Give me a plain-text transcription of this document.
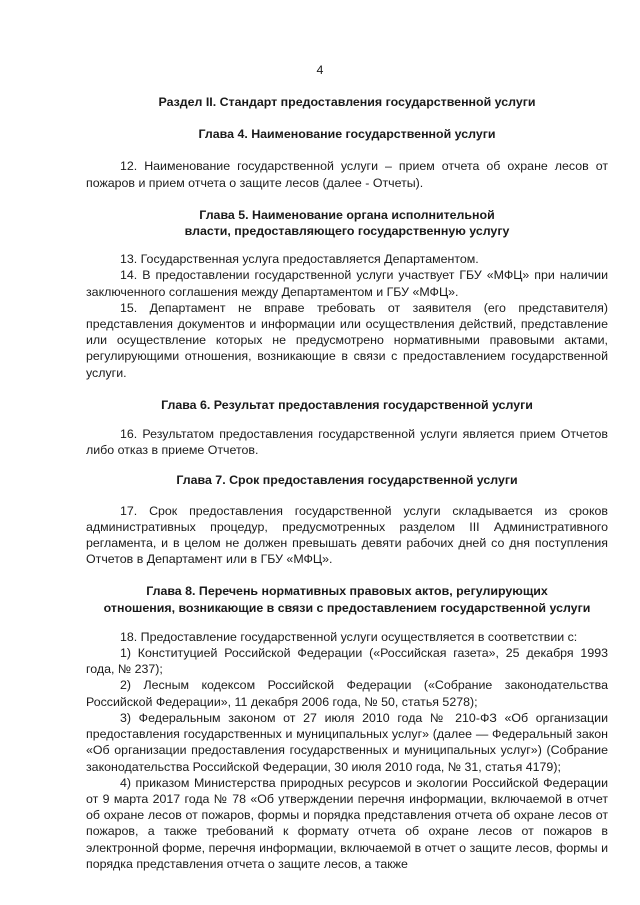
4

Раздел II. Стандарт предоставления государственной услуги

Глава 4. Наименование государственной услуги

12. Наименование государственной услуги – прием отчета об охране лесов от пожаров и прием отчета о защите лесов (далее - Отчеты).

Глава 5. Наименование органа исполнительной

власти, предоставляющего государственную услугу

13. Государственная услуга предоставляется Департаментом.

14. В предоставлении государственной услуги участвует ГБУ «МФЦ» при наличии заключенного соглашения между Департаментом и ГБУ «МФЦ».

15. Департамент не вправе требовать от заявителя (его представителя) представления документов и информации или осуществления действий, представление или осуществление которых не предусмотрено нормативными правовыми актами, регулирующими отношения, возникающие в связи с предоставлением государственной услуги.

Глава 6. Результат предоставления государственной услуги

16. Результатом предоставления государственной услуги является прием Отчетов либо отказ в приеме Отчетов.

Глава 7. Срок предоставления государственной услуги

17. Срок предоставления государственной услуги складывается из сроков административных процедур, предусмотренных разделом III Административного регламента, и в целом не должен превышать девяти рабочих дней со дня поступления Отчетов в Департамент или в ГБУ «МФЦ».

Глава 8. Перечень нормативных правовых актов, регулирующих

отношения, возникающие в связи с предоставлением государственной услуги

18. Предоставление государственной услуги осуществляется в соответствии с:

1) Конституцией Российской Федерации («Российская газета», 25 декабря 1993 года, № 237);

2) Лесным кодексом Российской Федерации («Собрание законодательства Российской Федерации», 11 декабря 2006 года, № 50, статья 5278);

3) Федеральным законом от 27 июля 2010 года № 210-ФЗ «Об организации предоставления государственных и муниципальных услуг» (далее — Федеральный закон «Об организации предоставления государственных и муниципальных услуг») (Собрание законодательства Российской Федерации, 30 июля 2010 года, № 31, статья 4179);

4) приказом Министерства природных ресурсов и экологии Российской Федерации от 9 марта 2017 года № 78 «Об утверждении перечня информации, включаемой в отчет об охране лесов от пожаров, формы и порядка представления отчета об охране лесов от пожаров, а также требований к формату отчета об охране лесов от пожаров в электронной форме, перечня информации, включаемой в отчет о защите лесов, формы и порядка представления отчета о защите лесов, а также
